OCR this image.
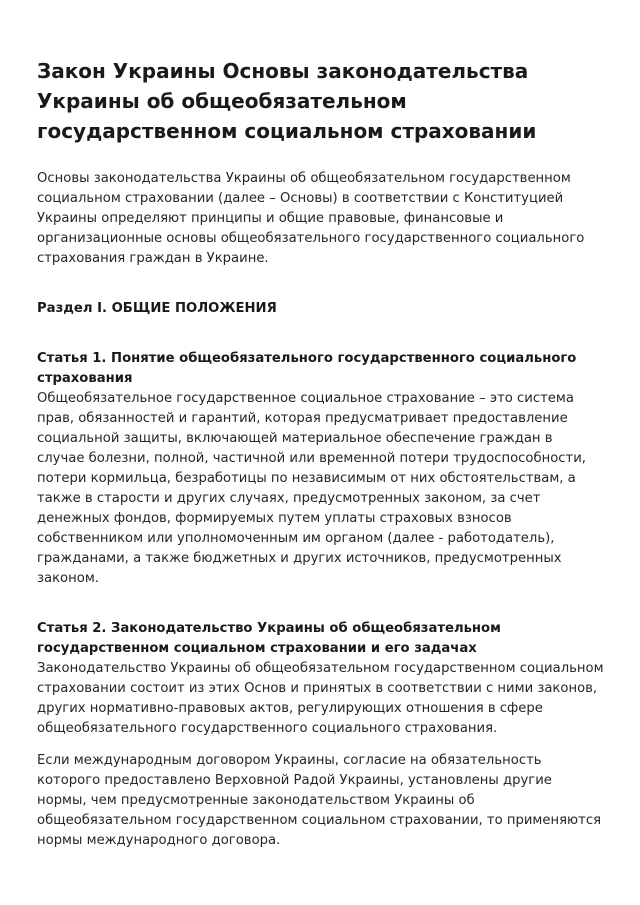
Закон Украины Основы законодательства Украины об общеобязательном государственном социальном страховании

Основы законодательства Украины об общеобязательном государственном социальном страховании (далее – Основы) в соответствии с Конституцией Украины определяют принципы и общие правовые, финансовые и организационные основы общеобязательного государственного социального страхования граждан в Украине.

Раздел I. ОБЩИЕ ПОЛОЖЕНИЯ
Статья 1. Понятие общеобязательного государственного социального страхования

Общеобязательное государственное социальное страхование – это система прав, обязанностей и гарантий, которая предусматривает предоставление социальной защиты, включающей материальное обеспечение граждан в случае болезни, полной, частичной или временной потери трудоспособности, потери кормильца, безработицы по независимым от них обстоятельствам, а также в старости и других случаях, предусмотренных законом, за счет денежных фондов, формируемых путем уплаты страховых взносов собственником или уполномоченным им органом (далее - работодатель), гражданами, а также бюджетных и других источников, предусмотренных законом.

Статья 2. Законодательство Украины об общеобязательном государственном социальном страховании и его задачах

Законодательство Украины об общеобязательном государственном социальном страховании состоит из этих Основ и принятых в соответствии с ними законов, других нормативно-правовых актов, регулирующих отношения в сфере общеобязательного государственного социального страхования.

Если международным договором Украины, согласие на обязательность которого предоставлено Верховной Радой Украины, установлены другие нормы, чем предусмотренные законодательством Украины об общеобязательном государственном социальном страховании, то применяются нормы международного договора.
